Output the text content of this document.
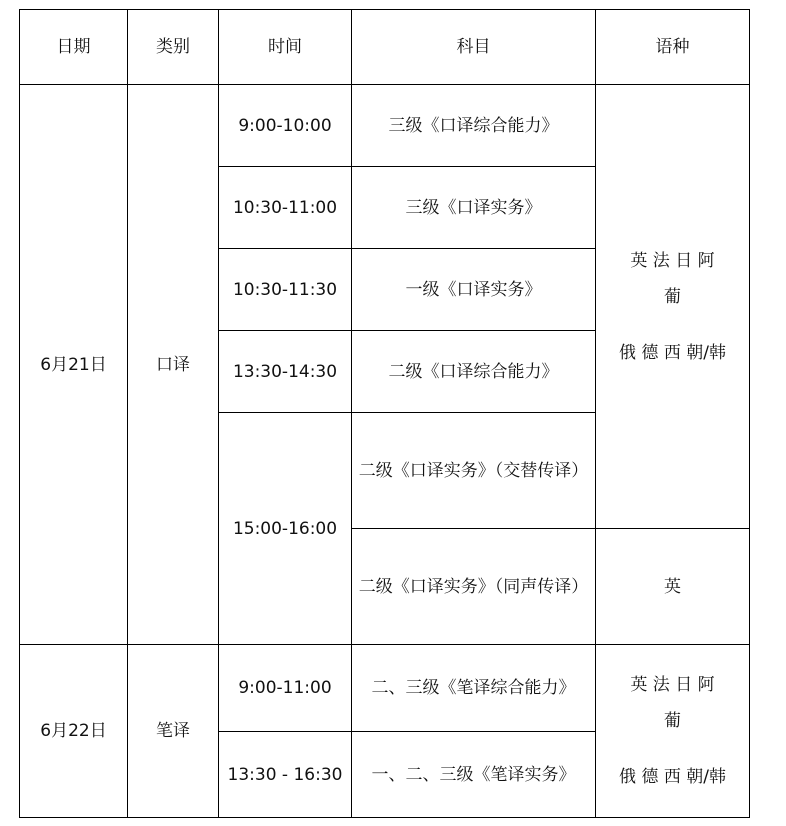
日期	类别	时间	科目	语种
6月21日	口译	9:00-10:00	三级《口译综合能力》	英 法 日 阿
葡
俄 德 西 朝/韩

		10:30-11:00	三级《口译实务》	
		10:30-11:30	一级《口译实务》	
		13:30-14:30	二级《口译综合能力》	
		15:00-16:00	二级《口译实务》（交替传译）	
			二级《口译实务》（同声传译）	英
6月22日	笔译	9:00-11:00	二、三级《笔译综合能力》	英 法 日 阿
葡
俄 德 西 朝/韩

		13:30 - 16:30	一、二、三级《笔译实务》	
